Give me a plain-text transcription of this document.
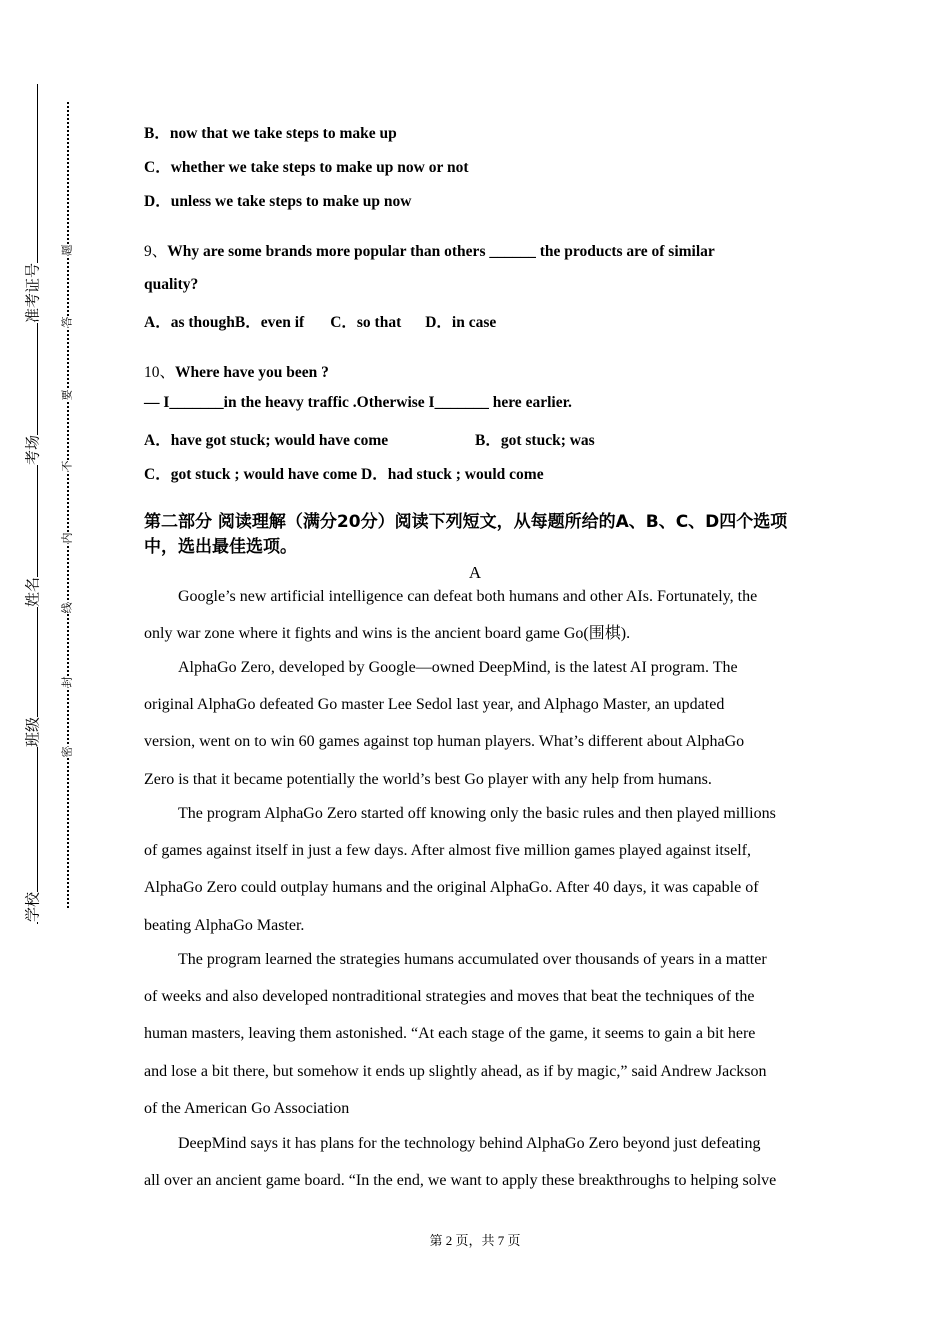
准考证号
考场
姓名
班级
学校
题
答
要
不
内
线
封
密
B．now that we take steps to make up
C．whether we take steps to make up now or not
D．unless we take steps to make up now
9、Why are some brands more popular than others ______ the products are of similar
quality?
A．as thoughB．even if C．so that D．in case
10、Where have you been ?
— I_______in the heavy traffic .Otherwise I_______ here earlier.
A．have got stuck; would have come	B．got stuck; was
C．got stuck ; would have come D．had stuck ; would come
第二部分 阅读理解（满分20分）阅读下列短文，从每题所给的A、B、C、D四个选项中，选出最佳选项。
A
Google’s new artificial intelligence can defeat both humans and other AIs. Fortunately, the
only war zone where it fights and wins is the ancient board game Go(围棋).
AlphaGo Zero, developed by Google—owned DeepMind, is the latest AI program. The
original AlphaGo defeated Go master Lee Sedol last year, and Alphago Master, an updated
version, went on to win 60 games against top human players. What’s different about AlphaGo
Zero is that it became potentially the world’s best Go player with any help from humans.
The program AlphaGo Zero started off knowing only the basic rules and then played millions
of games against itself in just a few days. After almost five million games played against itself,
AlphaGo Zero could outplay humans and the original AlphaGo. After 40 days, it was capable of
beating AlphaGo Master.
The program learned the strategies humans accumulated over thousands of years in a matter
of weeks and also developed nontraditional strategies and moves that beat the techniques of the
human masters, leaving them astonished. “At each stage of the game, it seems to gain a bit here
and lose a bit there, but somehow it ends up slightly ahead, as if by magic,” said Andrew Jackson
of the American Go Association
DeepMind says it has plans for the technology behind AlphaGo Zero beyond just defeating
all over an ancient game board. “In the end, we want to apply these breakthroughs to helping solve
第 2 页，共 7 页
